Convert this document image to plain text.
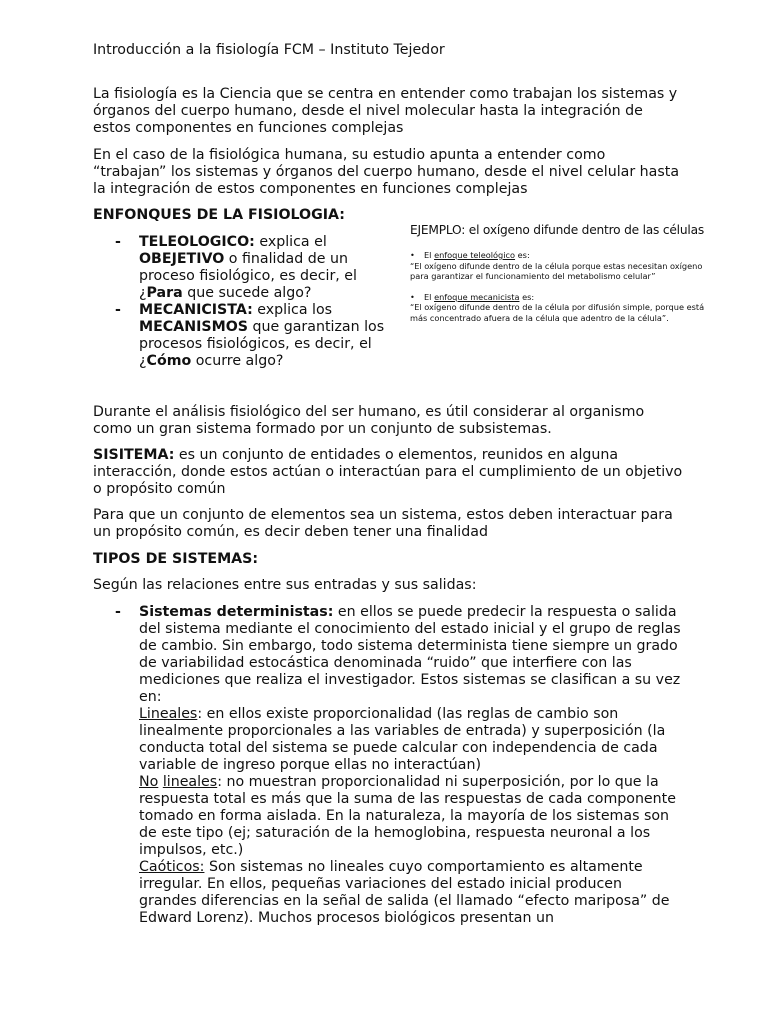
Introducción a la fisiología FCM – Instituto Tejedor
La fisiología es la Ciencia que se centra en entender como trabajan los sistemas y órganos del cuerpo humano, desde el nivel molecular hasta la integración de estos componentes en funciones complejas
En el caso de la fisiológica humana, su estudio apunta a entender como “trabajan” los sistemas y órganos del cuerpo humano, desde el nivel celular hasta la integración de estos componentes en funciones complejas
ENFONQUES DE LA FISIOLOGIA:
- TELEOLOGICO: explica el OBEJETIVO o finalidad de un proceso fisiológico, es decir, el ¿Para que sucede algo?
- MECANICISTA: explica los MECANISMOS que garantizan los procesos fisiológicos, es decir, el ¿Cómo ocurre algo?
EJEMPLO: el oxígeno difunde dentro de las células
• El enfoque teleológico es:
“El oxígeno difunde dentro de la célula porque estas necesitan oxígeno para garantizar el funcionamiento del metabolismo celular”
• El enfoque mecanicista es:
“El oxígeno difunde dentro de la célula por difusión simple, porque está más concentrado afuera de la célula que adentro de la célula”.
Durante el análisis fisiológico del ser humano, es útil considerar al organismo como un gran sistema formado por un conjunto de subsistemas.
SISITEMA: es un conjunto de entidades o elementos, reunidos en alguna interacción, donde estos actúan o interactúan para el cumplimiento de un objetivo o propósito común
Para que un conjunto de elementos sea un sistema, estos deben interactuar para un propósito común, es decir deben tener una finalidad
TIPOS DE SISTEMAS:
Según las relaciones entre sus entradas y sus salidas:
- Sistemas deterministas: en ellos se puede predecir la respuesta o salida del sistema mediante el conocimiento del estado inicial y el grupo de reglas de cambio. Sin embargo, todo sistema determinista tiene siempre un grado de variabilidad estocástica denominada “ruido” que interfiere con las mediciones que realiza el investigador. Estos sistemas se clasifican a su vez en:
Lineales: en ellos existe proporcionalidad (las reglas de cambio son linealmente proporcionales a las variables de entrada) y superposición (la conducta total del sistema se puede calcular con independencia de cada variable de ingreso porque ellas no interactúan)
No lineales: no muestran proporcionalidad ni superposición, por lo que la respuesta total es más que la suma de las respuestas de cada componente tomado en forma aislada. En la naturaleza, la mayoría de los sistemas son de este tipo (ej; saturación de la hemoglobina, respuesta neuronal a los impulsos, etc.)
Caóticos: Son sistemas no lineales cuyo comportamiento es altamente irregular. En ellos, pequeñas variaciones del estado inicial producen grandes diferencias en la señal de salida (el llamado “efecto mariposa” de Edward Lorenz). Muchos procesos biológicos presentan un
